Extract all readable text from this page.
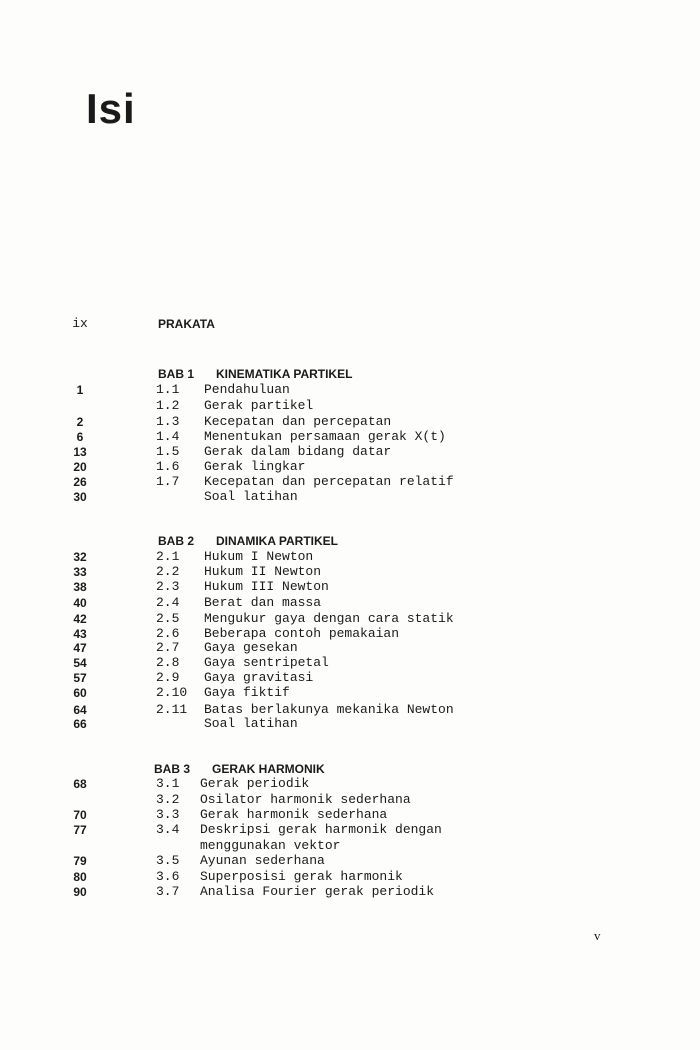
Isi
ix	PRAKATA
BAB 1 KINEMATIKA PARTIKEL
1	1.1	Pendahuluan
1.2	Gerak partikel
2	1.3	Kecepatan dan percepatan
6	1.4	Menentukan persamaan gerak X(t)
13	1.5	Gerak dalam bidang datar
20	1.6	Gerak lingkar
26	1.7	Kecepatan dan percepatan relatif
30	Soal latihan
BAB 2 DINAMIKA PARTIKEL
32	2.1	Hukum I Newton
33	2.2	Hukum II Newton
38	2.3	Hukum III Newton
40	2.4	Berat dan massa
42	2.5	Mengukur gaya dengan cara statik
43	2.6	Beberapa contoh pemakaian
47	2.7	Gaya gesekan
54	2.8	Gaya sentripetal
57	2.9	Gaya gravitasi
60	2.10	Gaya fiktif
64	2.11	Batas berlakunya mekanika Newton
66	Soal latihan
BAB 3 GERAK HARMONIK
68	3.1	Gerak periodik
3.2	Osilator harmonik sederhana
70	3.3	Gerak harmonik sederhana
77	3.4	Deskripsi gerak harmonik dengan
menggunakan vektor
79	3.5	Ayunan sederhana
80	3.6	Superposisi gerak harmonik
90	3.7	Analisa Fourier gerak periodik
v
